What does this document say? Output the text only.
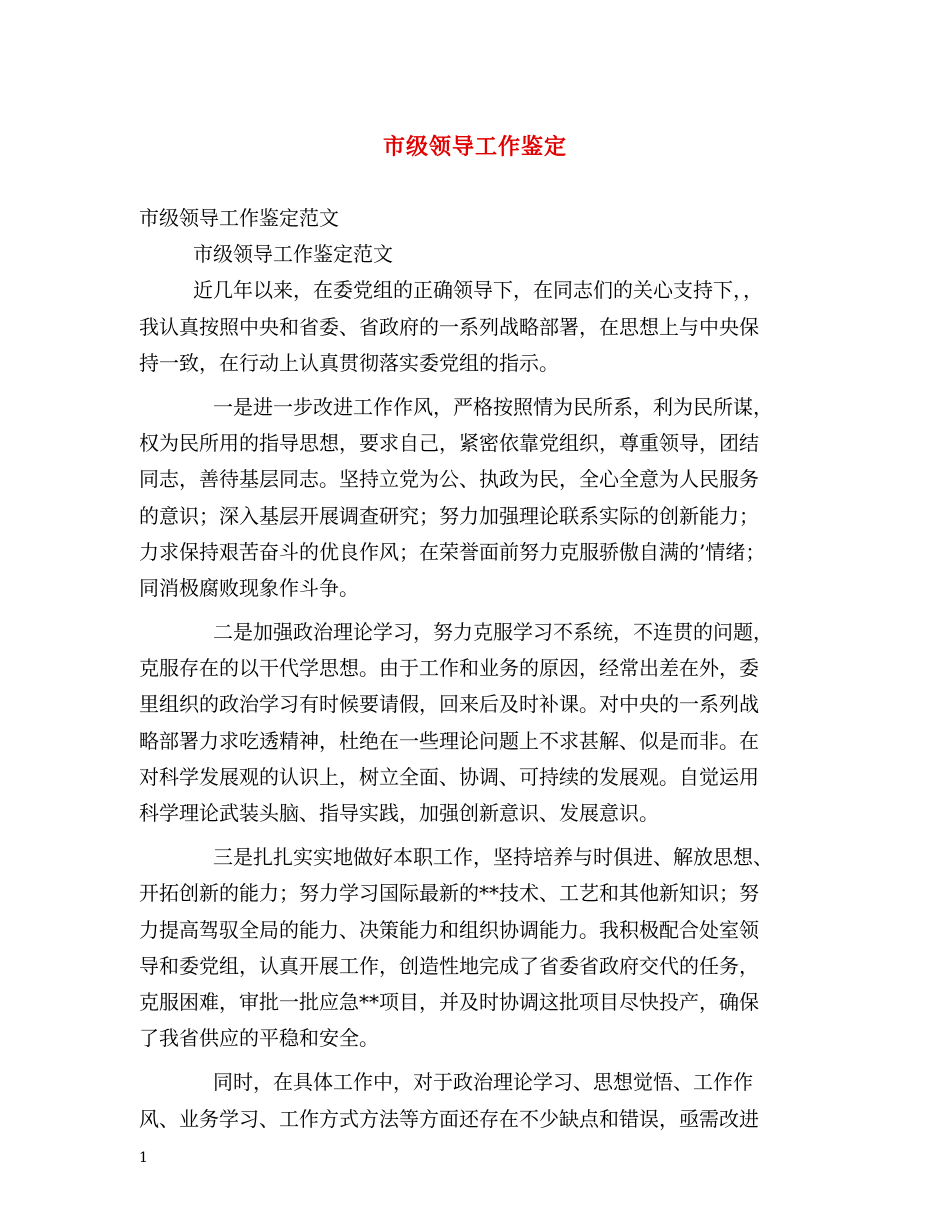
市级领导工作鉴定
市级领导工作鉴定范文
市级领导工作鉴定范文
近几年以来，在委党组的正确领导下，在同志们的关心支持下，，
我认真按照中央和省委、省政府的一系列战略部署，在思想上与中央保
持一致，在行动上认真贯彻落实委党组的指示。
一是进一步改进工作作风，严格按照情为民所系，利为民所谋，
权为民所用的指导思想，要求自己，紧密依靠党组织，尊重领导，团结
同志，善待基层同志。坚持立党为公、执政为民，全心全意为人民服务
的意识；深入基层开展调查研究；努力加强理论联系实际的创新能力；
力求保持艰苦奋斗的优良作风；在荣誉面前努力克服骄傲自满的’情绪；
同消极腐败现象作斗争。
二是加强政治理论学习，努力克服学习不系统，不连贯的问题，
克服存在的以干代学思想。由于工作和业务的原因，经常出差在外，委
里组织的政治学习有时候要请假，回来后及时补课。对中央的一系列战
略部署力求吃透精神，杜绝在一些理论问题上不求甚解、似是而非。在
对科学发展观的认识上，树立全面、协调、可持续的发展观。自觉运用
科学理论武装头脑、指导实践，加强创新意识、发展意识。
三是扎扎实实地做好本职工作，坚持培养与时俱进、解放思想、
开拓创新的能力；努力学习国际最新的**技术、工艺和其他新知识；努
力提高驾驭全局的能力、决策能力和组织协调能力。我积极配合处室领
导和委党组，认真开展工作，创造性地完成了省委省政府交代的任务，
克服困难，审批一批应急**项目，并及时协调这批项目尽快投产，确保
了我省供应的平稳和安全。
同时，在具体工作中，对于政治理论学习、思想觉悟、工作作
风、业务学习、工作方式方法等方面还存在不少缺点和错误，亟需改进
1
